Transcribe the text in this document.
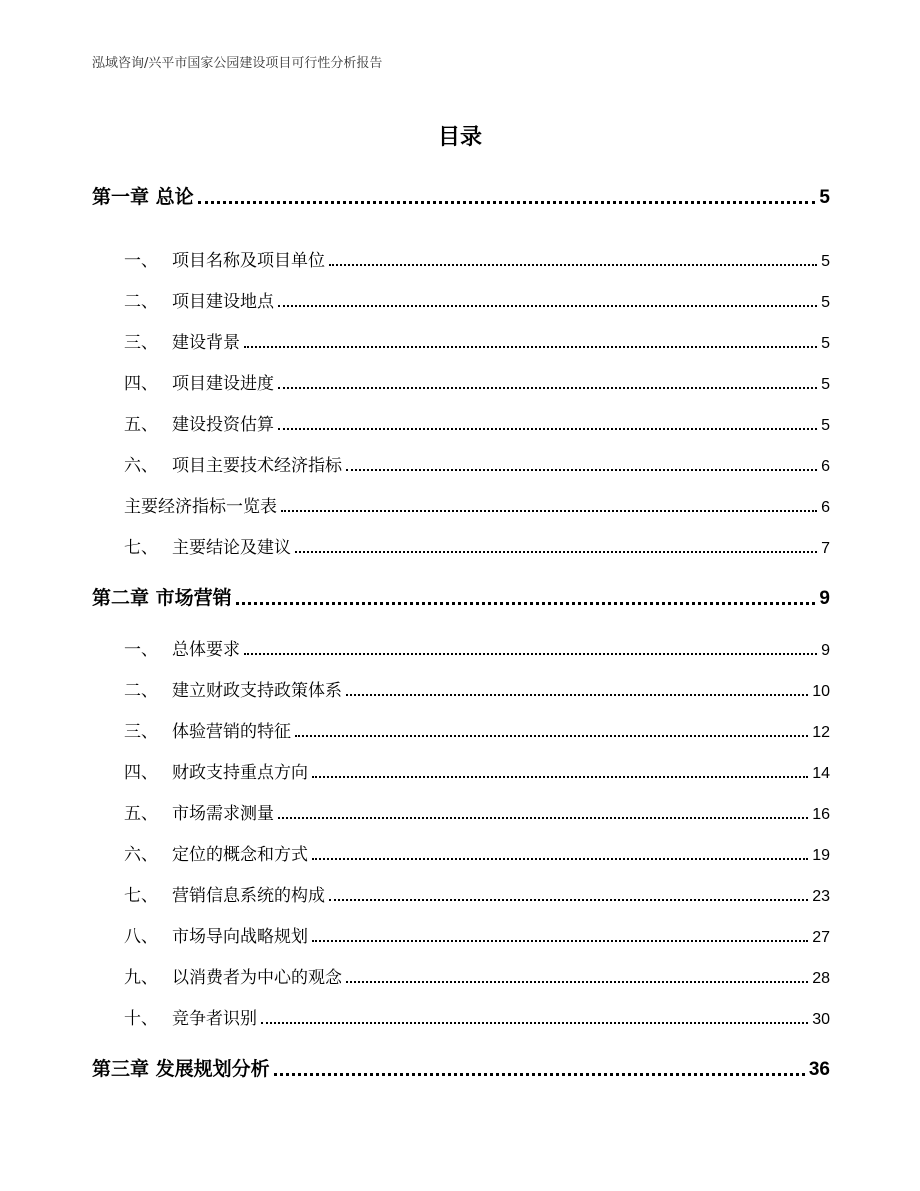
泓域咨询/兴平市国家公园建设项目可行性分析报告
目录
第一章 总论	5
一、 项目名称及项目单位	5
二、 项目建设地点	5
三、 建设背景	5
四、 项目建设进度	5
五、 建设投资估算	5
六、 项目主要技术经济指标	6
主要经济指标一览表	6
七、 主要结论及建议	7
第二章 市场营销	9
一、 总体要求	9
二、 建立财政支持政策体系	10
三、 体验营销的特征	12
四、 财政支持重点方向	14
五、 市场需求测量	16
六、 定位的概念和方式	19
七、 营销信息系统的构成	23
八、 市场导向战略规划	27
九、 以消费者为中心的观念	28
十、 竞争者识别	30
第三章 发展规划分析	36
